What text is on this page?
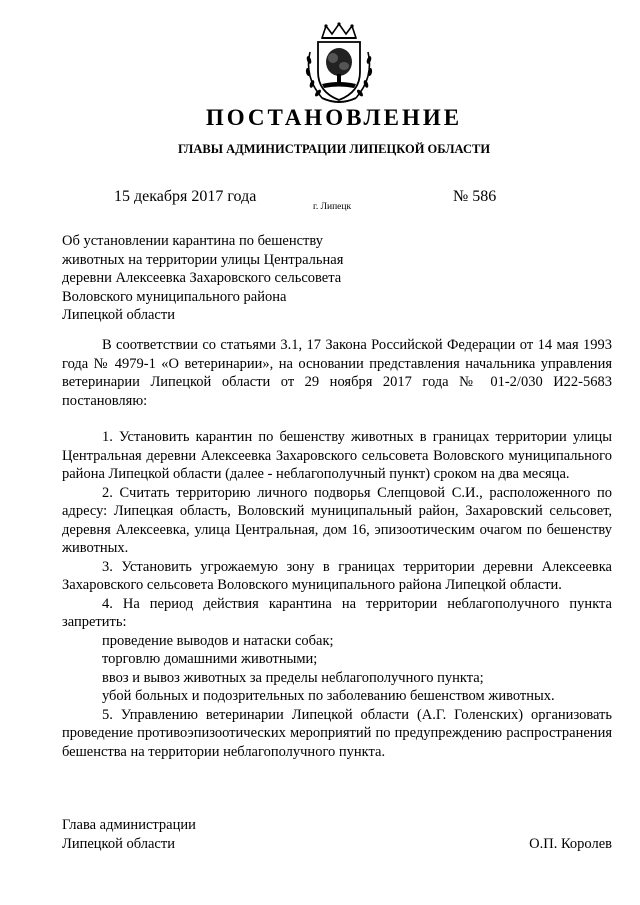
ПОСТАНОВЛЕНИЕ
ГЛАВЫ АДМИНИСТРАЦИИ ЛИПЕЦКОЙ ОБЛАСТИ
15 декабря 2017 года
г. Липецк
№ 586
Об установлении карантина по бешенству
животных на территории улицы Центральная
деревни Алексеевка Захаровского сельсовета
Воловского муниципального района
Липецкой области

В соответствии со статьями 3.1, 17 Закона Российской Федерации от 14 мая 1993 года № 4979-1 «О ветеринарии», на основании представления начальника управления ветеринарии Липецкой области от 29 ноября 2017 года № 01-2/030 И22-5683 постановляю:

1. Установить карантин по бешенству животных в границах территории улицы Центральная деревни Алексеевка Захаровского сельсовета Воловского муниципального района Липецкой области (далее - неблагополучный пункт) сроком на два месяца.

2. Считать территорию личного подворья Слепцовой С.И., расположенного по адресу: Липецкая область, Воловский муниципальный район, Захаровский сельсовет, деревня Алексеевка, улица Центральная, дом 16, эпизоотическим очагом по бешенству животных.

3. Установить угрожаемую зону в границах территории деревни Алексеевка Захаровского сельсовета Воловского муниципального района Липецкой области.

4. На период действия карантина на территории неблагополучного пункта запретить:

проведение выводов и натаски собак;

торговлю домашними животными;

ввоз и вывоз животных за пределы неблагополучного пункта;

убой больных и подозрительных по заболеванию бешенством животных.

5. Управлению ветеринарии Липецкой области (А.Г. Голенских) организовать проведение противоэпизоотических мероприятий по предупреждению распространения бешенства на территории неблагополучного пункта.

Глава администрации
Липецкой области	О.П. Королев
